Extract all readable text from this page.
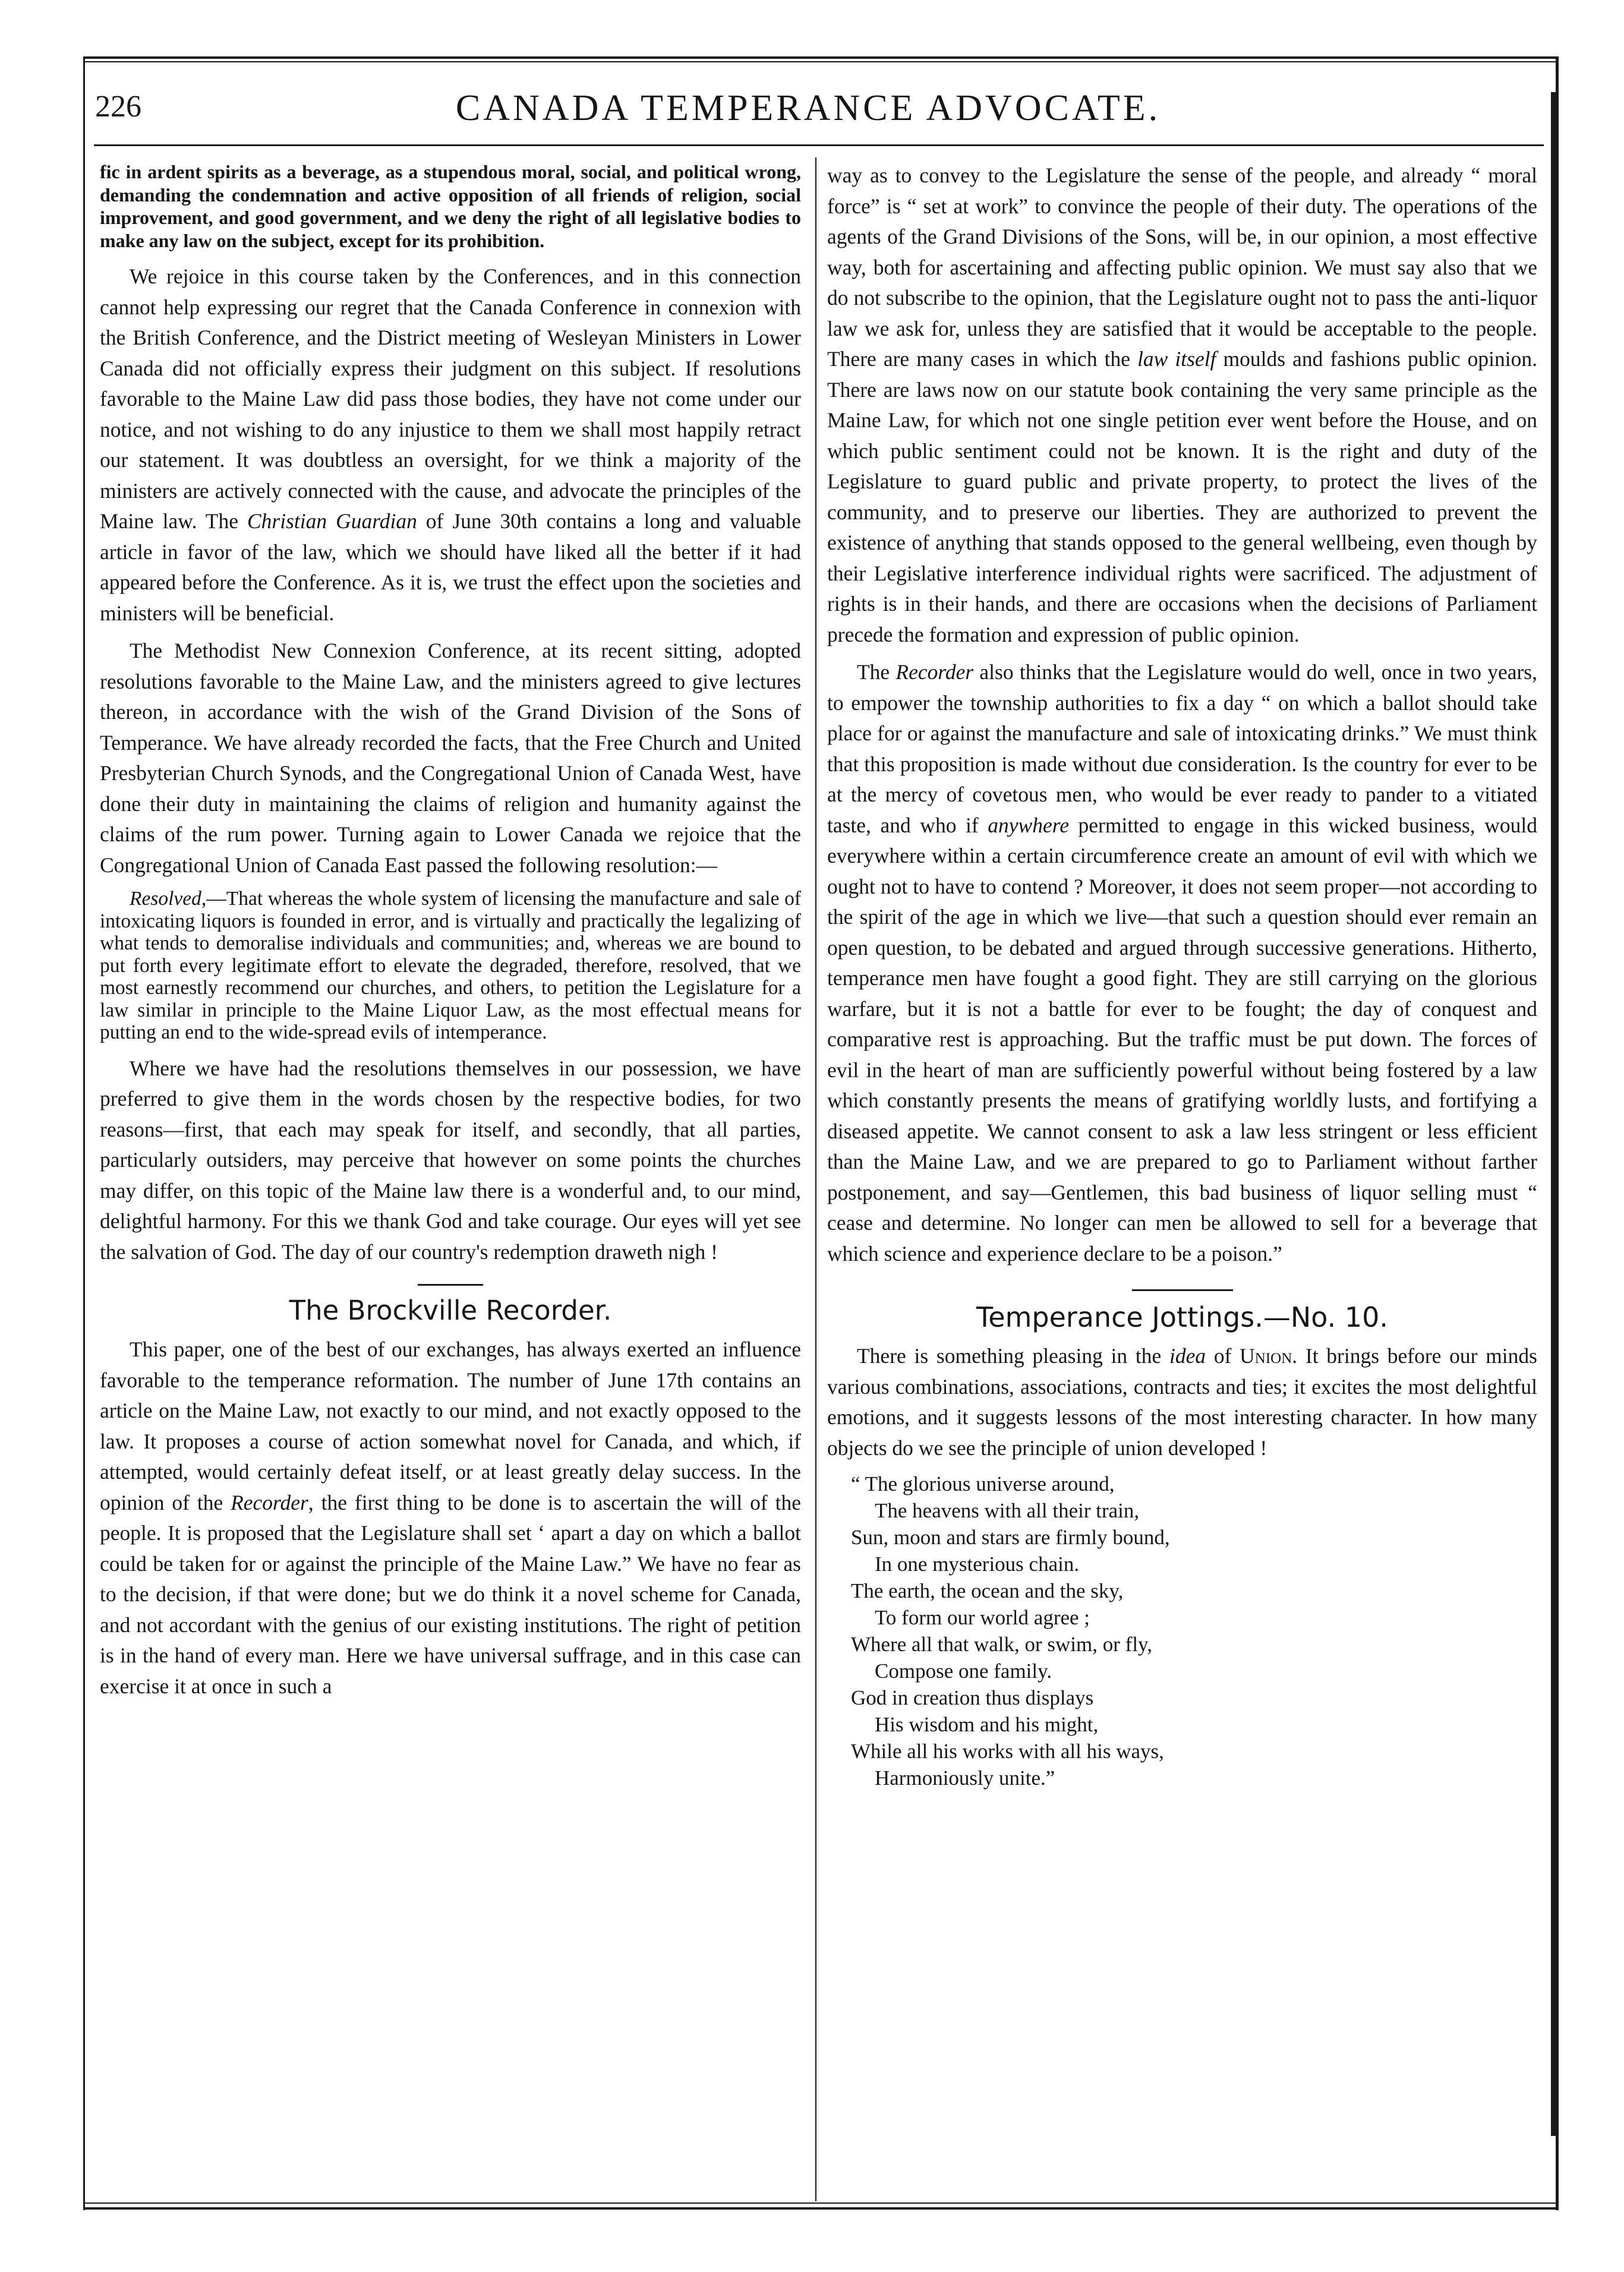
226	CANADA TEMPERANCE ADVOCATE.

fic in ardent spirits as a beverage, as a stupendous moral, social, and political wrong, demanding the condemnation and active opposition of all friends of religion, social improvement, and good government, and we deny the right of all legislative bodies to make any law on the subject, except for its prohibition.

We rejoice in this course taken by the Conferences, and in this connection cannot help expressing our regret that the Canada Conference in connexion with the British Conference, and the District meeting of Wesleyan Ministers in Lower Canada did not officially express their judgment on this subject. If resolutions favorable to the Maine Law did pass those bodies, they have not come under our notice, and not wishing to do any injustice to them we shall most happily retract our statement. It was doubtless an oversight, for we think a majority of the ministers are actively connected with the cause, and advocate the principles of the Maine law. The Christian Guardian of June 30th contains a long and valuable article in favor of the law, which we should have liked all the better if it had appeared before the Conference. As it is, we trust the effect upon the societies and ministers will be beneficial.

The Methodist New Connexion Conference, at its recent sitting, adopted resolutions favorable to the Maine Law, and the ministers agreed to give lectures thereon, in accordance with the wish of the Grand Division of the Sons of Temperance. We have already recorded the facts, that the Free Church and United Presbyterian Church Synods, and the Congregational Union of Canada West, have done their duty in maintaining the claims of religion and humanity against the claims of the rum power. Turning again to Lower Canada we rejoice that the Congregational Union of Canada East passed the following resolution:—

Resolved,—That whereas the whole system of licensing the manufacture and sale of intoxicating liquors is founded in error, and is virtually and practically the legalizing of what tends to demoralise individuals and communities; and, whereas we are bound to put forth every legitimate effort to elevate the degraded, therefore, resolved, that we most earnestly recommend our churches, and others, to petition the Legislature for a law similar in principle to the Maine Liquor Law, as the most effectual means for putting an end to the wide-spread evils of intemperance.

Where we have had the resolutions themselves in our possession, we have preferred to give them in the words chosen by the respective bodies, for two reasons—first, that each may speak for itself, and secondly, that all parties, particularly outsiders, may perceive that however on some points the churches may differ, on this topic of the Maine law there is a wonderful and, to our mind, delightful harmony. For this we thank God and take courage. Our eyes will yet see the salvation of God. The day of our country's redemption draweth nigh !

The Brockville Recorder.

This paper, one of the best of our exchanges, has always exerted an influence favorable to the temperance reformation. The number of June 17th contains an article on the Maine Law, not exactly to our mind, and not exactly opposed to the law. It proposes a course of action somewhat novel for Canada, and which, if attempted, would certainly defeat itself, or at least greatly delay success. In the opinion of the Recorder, the first thing to be done is to ascertain the will of the people. It is proposed that the Legislature shall set ‘ apart a day on which a ballot could be taken for or against the principle of the Maine Law.” We have no fear as to the decision, if that were done; but we do think it a novel scheme for Canada, and not accordant with the genius of our existing institutions. The right of petition is in the hand of every man. Here we have universal suffrage, and in this case can exercise it at once in such a

way as to convey to the Legislature the sense of the people, and already “ moral force” is “ set at work” to convince the people of their duty. The operations of the agents of the Grand Divisions of the Sons, will be, in our opinion, a most effective way, both for ascertaining and affecting public opinion. We must say also that we do not subscribe to the opinion, that the Legislature ought not to pass the anti-liquor law we ask for, unless they are satisfied that it would be acceptable to the people. There are many cases in which the law itself moulds and fashions public opinion. There are laws now on our statute book containing the very same principle as the Maine Law, for which not one single petition ever went before the House, and on which public sentiment could not be known. It is the right and duty of the Legislature to guard public and private property, to protect the lives of the community, and to preserve our liberties. They are authorized to prevent the existence of anything that stands opposed to the general wellbeing, even though by their Legislative interference individual rights were sacrificed. The adjustment of rights is in their hands, and there are occasions when the decisions of Parliament precede the formation and expression of public opinion.

The Recorder also thinks that the Legislature would do well, once in two years, to empower the township authorities to fix a day “ on which a ballot should take place for or against the manufacture and sale of intoxicating drinks.” We must think that this proposition is made without due consideration. Is the country for ever to be at the mercy of covetous men, who would be ever ready to pander to a vitiated taste, and who if anywhere permitted to engage in this wicked business, would everywhere within a certain circumference create an amount of evil with which we ought not to have to contend ? Moreover, it does not seem proper—not according to the spirit of the age in which we live—that such a question should ever remain an open question, to be debated and argued through successive generations. Hitherto, temperance men have fought a good fight. They are still carrying on the glorious warfare, but it is not a battle for ever to be fought; the day of conquest and comparative rest is approaching. But the traffic must be put down. The forces of evil in the heart of man are sufficiently powerful without being fostered by a law which constantly presents the means of gratifying worldly lusts, and fortifying a diseased appetite. We cannot consent to ask a law less stringent or less efficient than the Maine Law, and we are prepared to go to Parliament without farther postponement, and say—Gentlemen, this bad business of liquor selling must “ cease and determine. No longer can men be allowed to sell for a beverage that which science and experience declare to be a poison.”

Temperance Jottings.—No. 10.

There is something pleasing in the idea of Union. It brings before our minds various combinations, associations, contracts and ties; it excites the most delightful emotions, and it suggests lessons of the most interesting character. In how many objects do we see the principle of union developed !

“ The glorious universe around,
The heavens with all their train,
Sun, moon and stars are firmly bound,
In one mysterious chain.
The earth, the ocean and the sky,
To form our world agree ;
Where all that walk, or swim, or fly,
Compose one family.
God in creation thus displays
His wisdom and his might,
While all his works with all his ways,
Harmoniously unite.”
